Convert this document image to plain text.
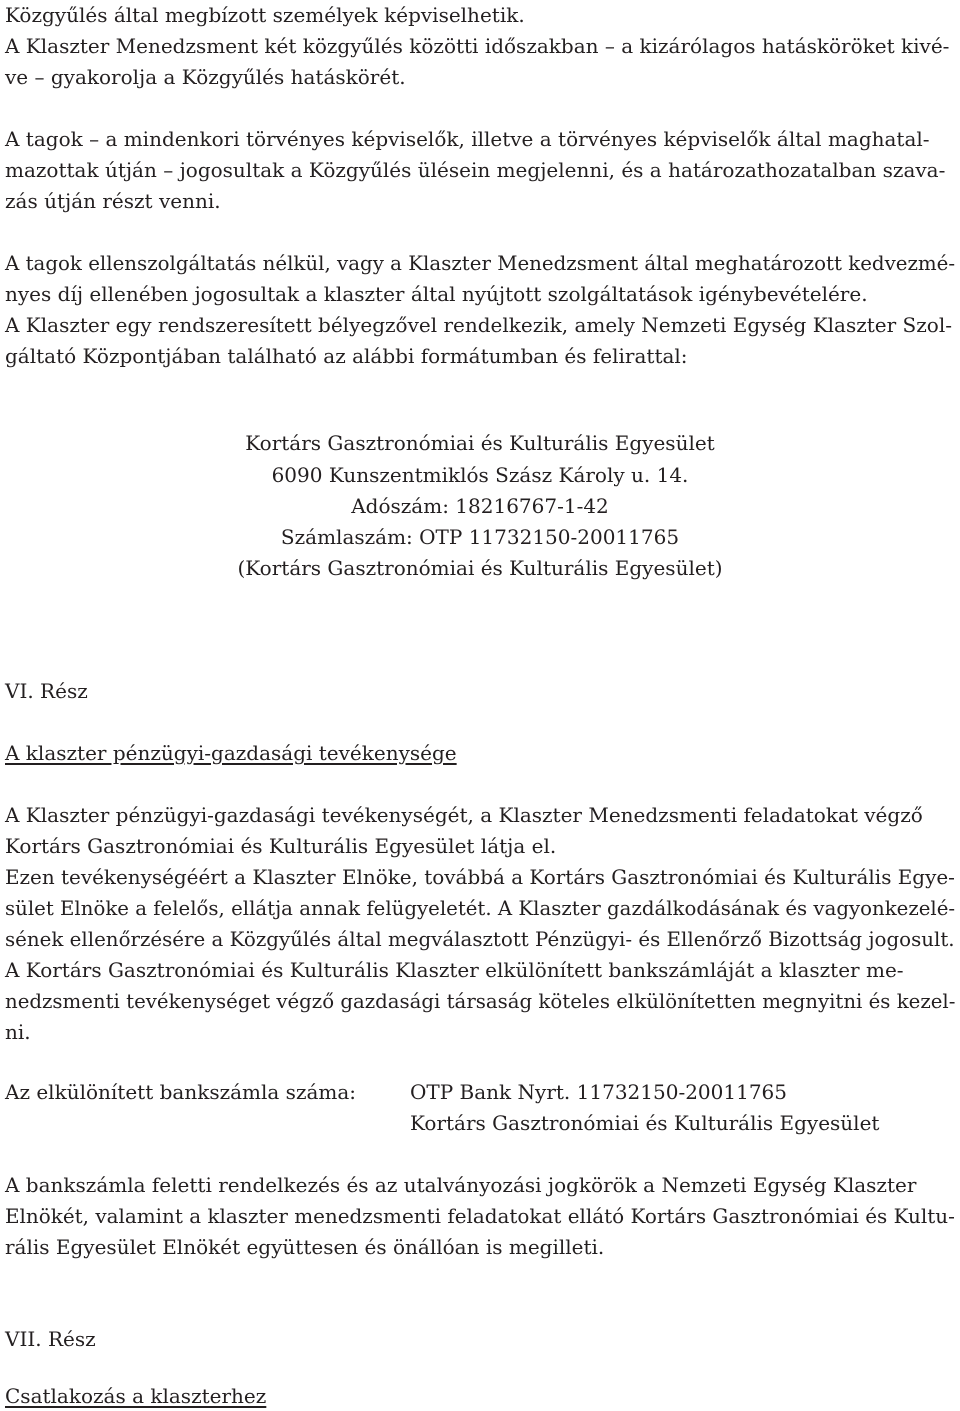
Közgyűlés által megbízott személyek képviselhetik.
A Klaszter Menedzsment két közgyűlés közötti időszakban – a kizárólagos hatásköröket kivé-
ve – gyakorolja a Közgyűlés hatáskörét.
A tagok – a mindenkori törvényes képviselők, illetve a törvényes képviselők által maghatal-
mazottak útján – jogosultak a Közgyűlés ülésein megjelenni, és a határozathozatalban szava-
zás útján részt venni.
A tagok ellenszolgáltatás nélkül, vagy a Klaszter Menedzsment által meghatározott kedvezmé-
nyes díj ellenében jogosultak a klaszter által nyújtott szolgáltatások igénybevételére.
A Klaszter egy rendszeresített bélyegzővel rendelkezik, amely Nemzeti Egység Klaszter Szol-
gáltató Központjában található az alábbi formátumban és felirattal:
Kortárs Gasztronómiai és Kulturális Egyesület
6090 Kunszentmiklós Szász Károly u. 14.
Adószám: 18216767-1-42
Számlaszám: OTP 11732150-20011765
(Kortárs Gasztronómiai és Kulturális Egyesület)
VI. Rész
A klaszter pénzügyi-gazdasági tevékenysége
A Klaszter pénzügyi-gazdasági tevékenységét, a Klaszter Menedzsmenti feladatokat végző
Kortárs Gasztronómiai és Kulturális Egyesület látja el.
Ezen tevékenységéért a Klaszter Elnöke, továbbá a Kortárs Gasztronómiai és Kulturális Egye-
sület Elnöke a felelős, ellátja annak felügyeletét. A Klaszter gazdálkodásának és vagyonkezelé-
sének ellenőrzésére a Közgyűlés által megválasztott Pénzügyi- és Ellenőrző Bizottság jogosult.
A Kortárs Gasztronómiai és Kulturális Klaszter elkülönített bankszámláját a klaszter me-
nedzsmenti tevékenységet végző gazdasági társaság köteles elkülönítetten megnyitni és kezel-
ni.
Az elkülönített bankszámla száma:	OTP Bank Nyrt. 11732150-20011765
Kortárs Gasztronómiai és Kulturális Egyesület
A bankszámla feletti rendelkezés és az utalványozási jogkörök a Nemzeti Egység Klaszter
Elnökét, valamint a klaszter menedzsmenti feladatokat ellátó Kortárs Gasztronómiai és Kultu-
rális Egyesület Elnökét együttesen és önállóan is megilleti.
VII. Rész
Csatlakozás a klaszterhez
